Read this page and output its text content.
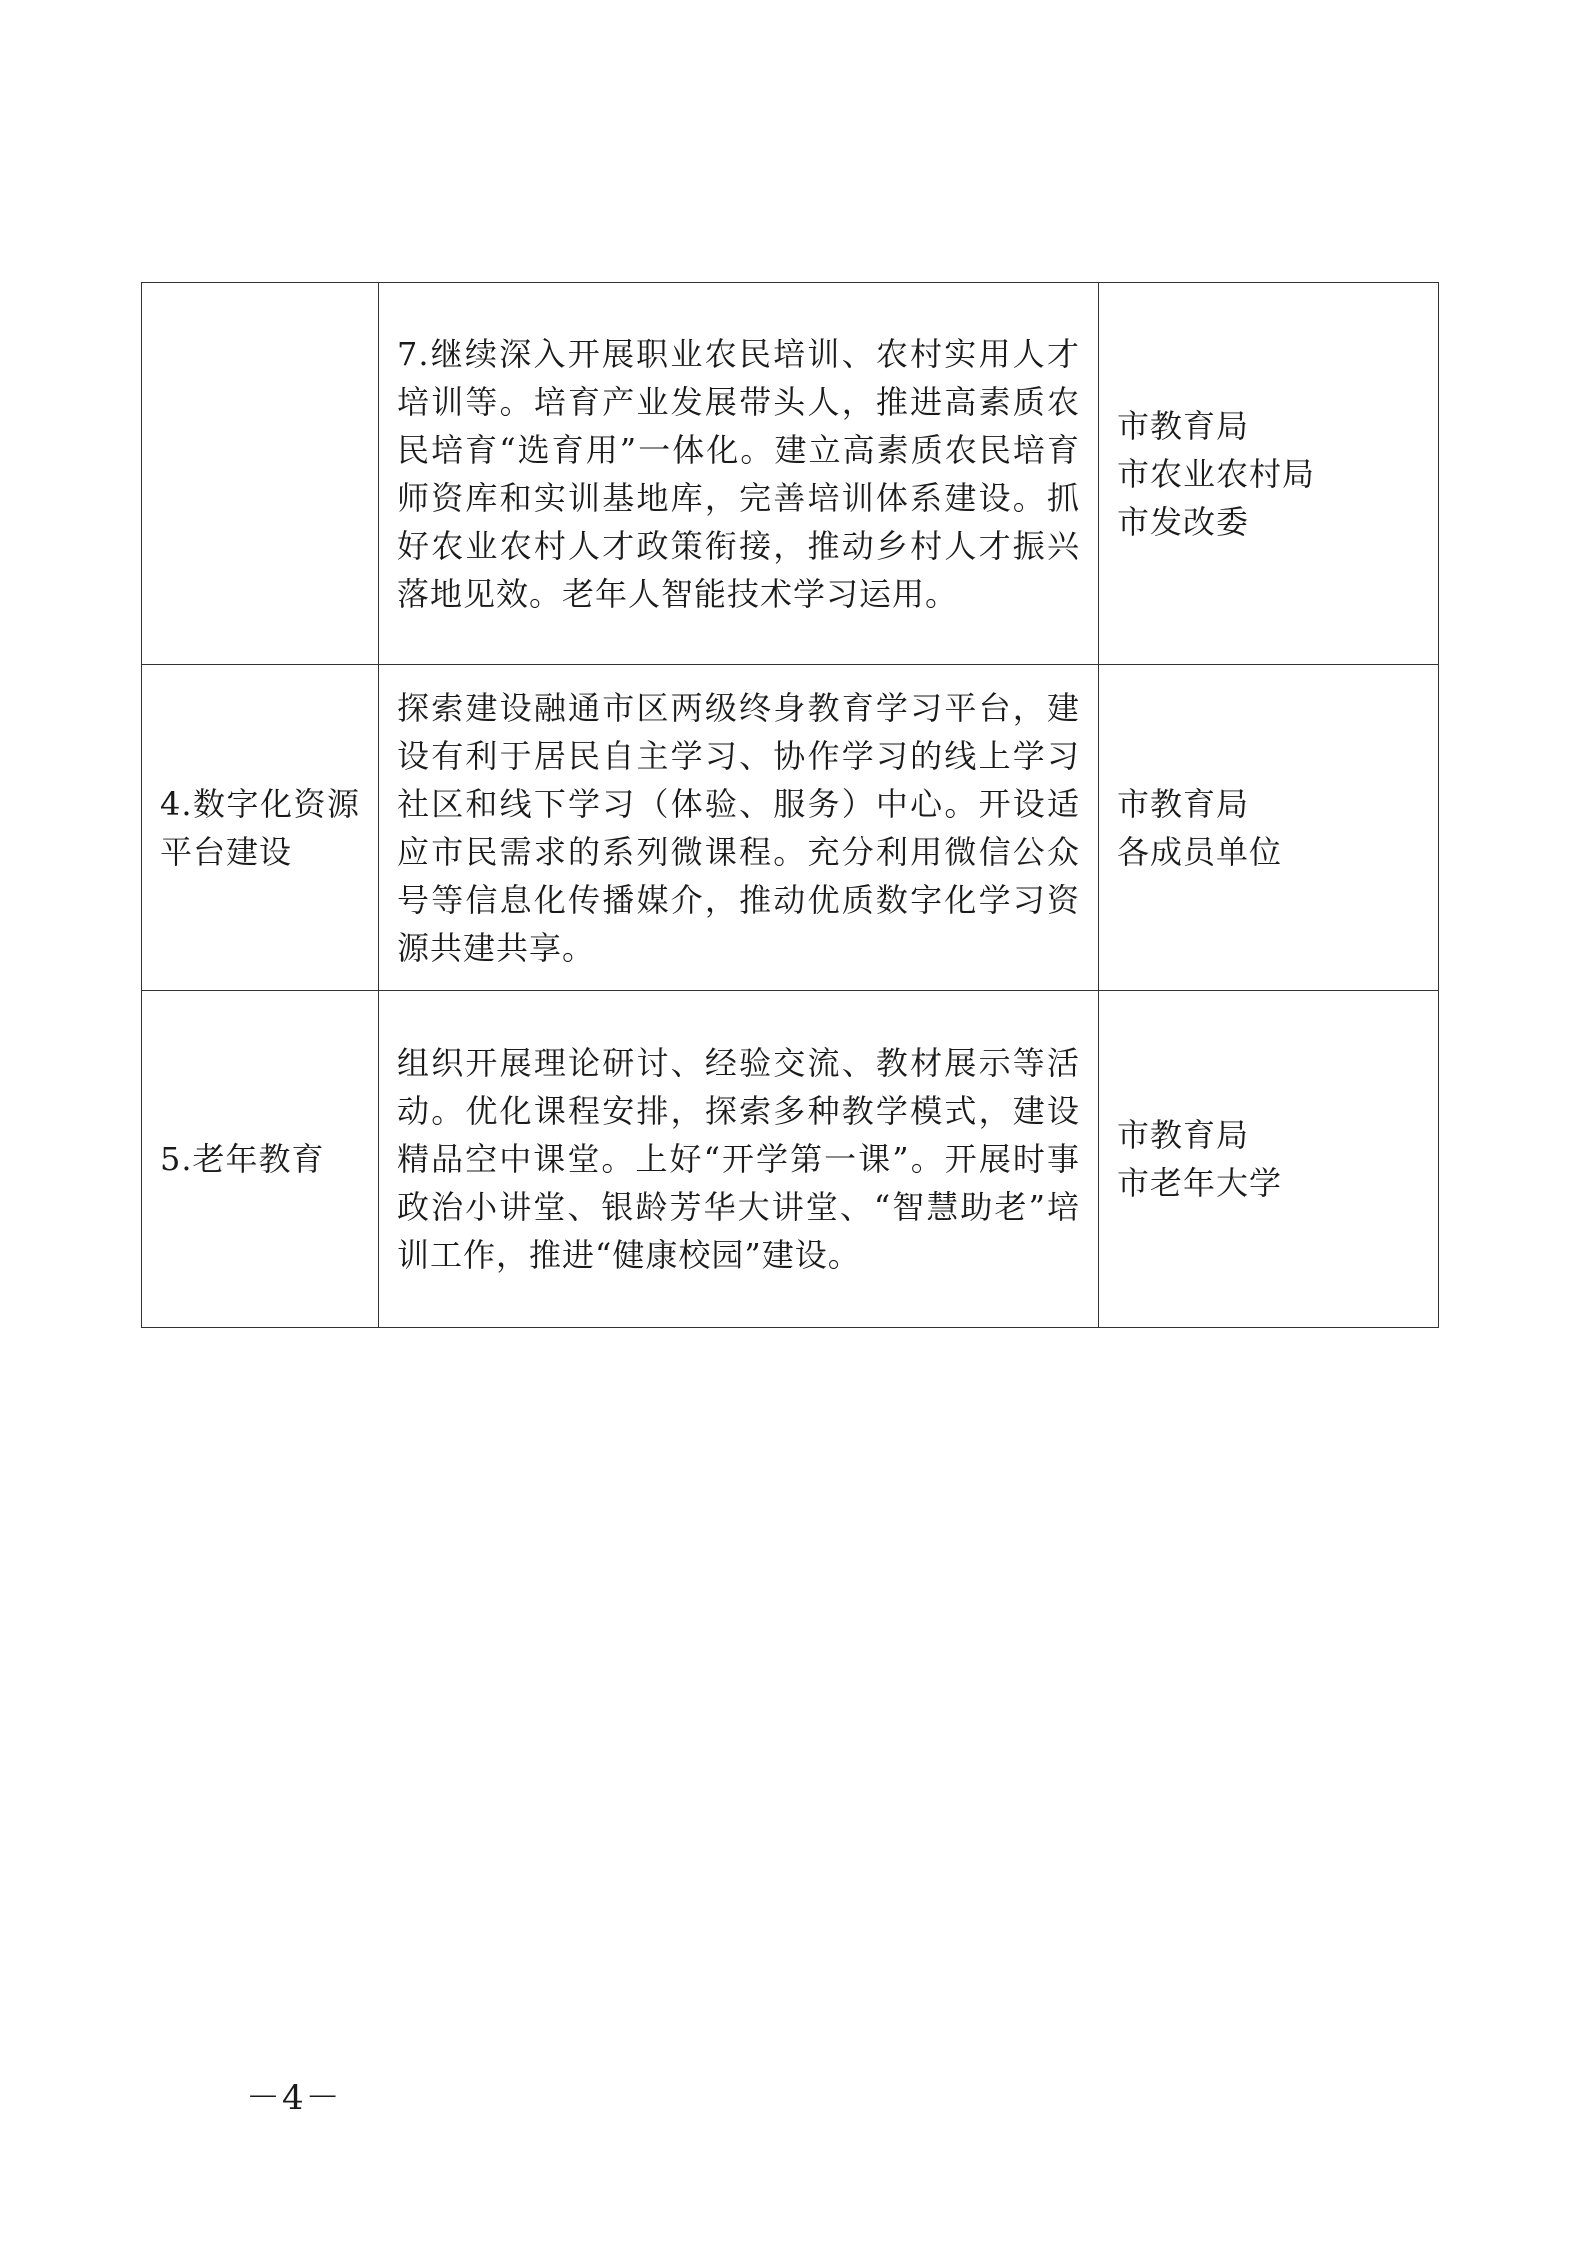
	7.继续深入开展职业农民培训、农村实用人才培训等。培育产业发展带头人，推进高素质农民培育“选育用”一体化。建立高素质农民培育师资库和实训基地库，完善培训体系建设。抓好农业农村人才政策衔接，推动乡村人才振兴落地见效。老年人智能技术学习运用。	市教育局
市农业农村局
市发改委

4.数字化资源平台建设	探索建设融通市区两级终身教育学习平台，建设有利于居民自主学习、协作学习的线上学习社区和线下学习（体验、服务）中心。开设适应市民需求的系列微课程。充分利用微信公众号等信息化传播媒介，推动优质数字化学习资源共建共享。	市教育局
各成员单位

5.老年教育	组织开展理论研讨、经验交流、教材展示等活动。优化课程安排，探索多种教学模式，建设精品空中课堂。上好“开学第一课”。开展时事政治小讲堂、银龄芳华大讲堂、“智慧助老”培训工作，推进“健康校园”建设。	市教育局
市老年大学
－4－
